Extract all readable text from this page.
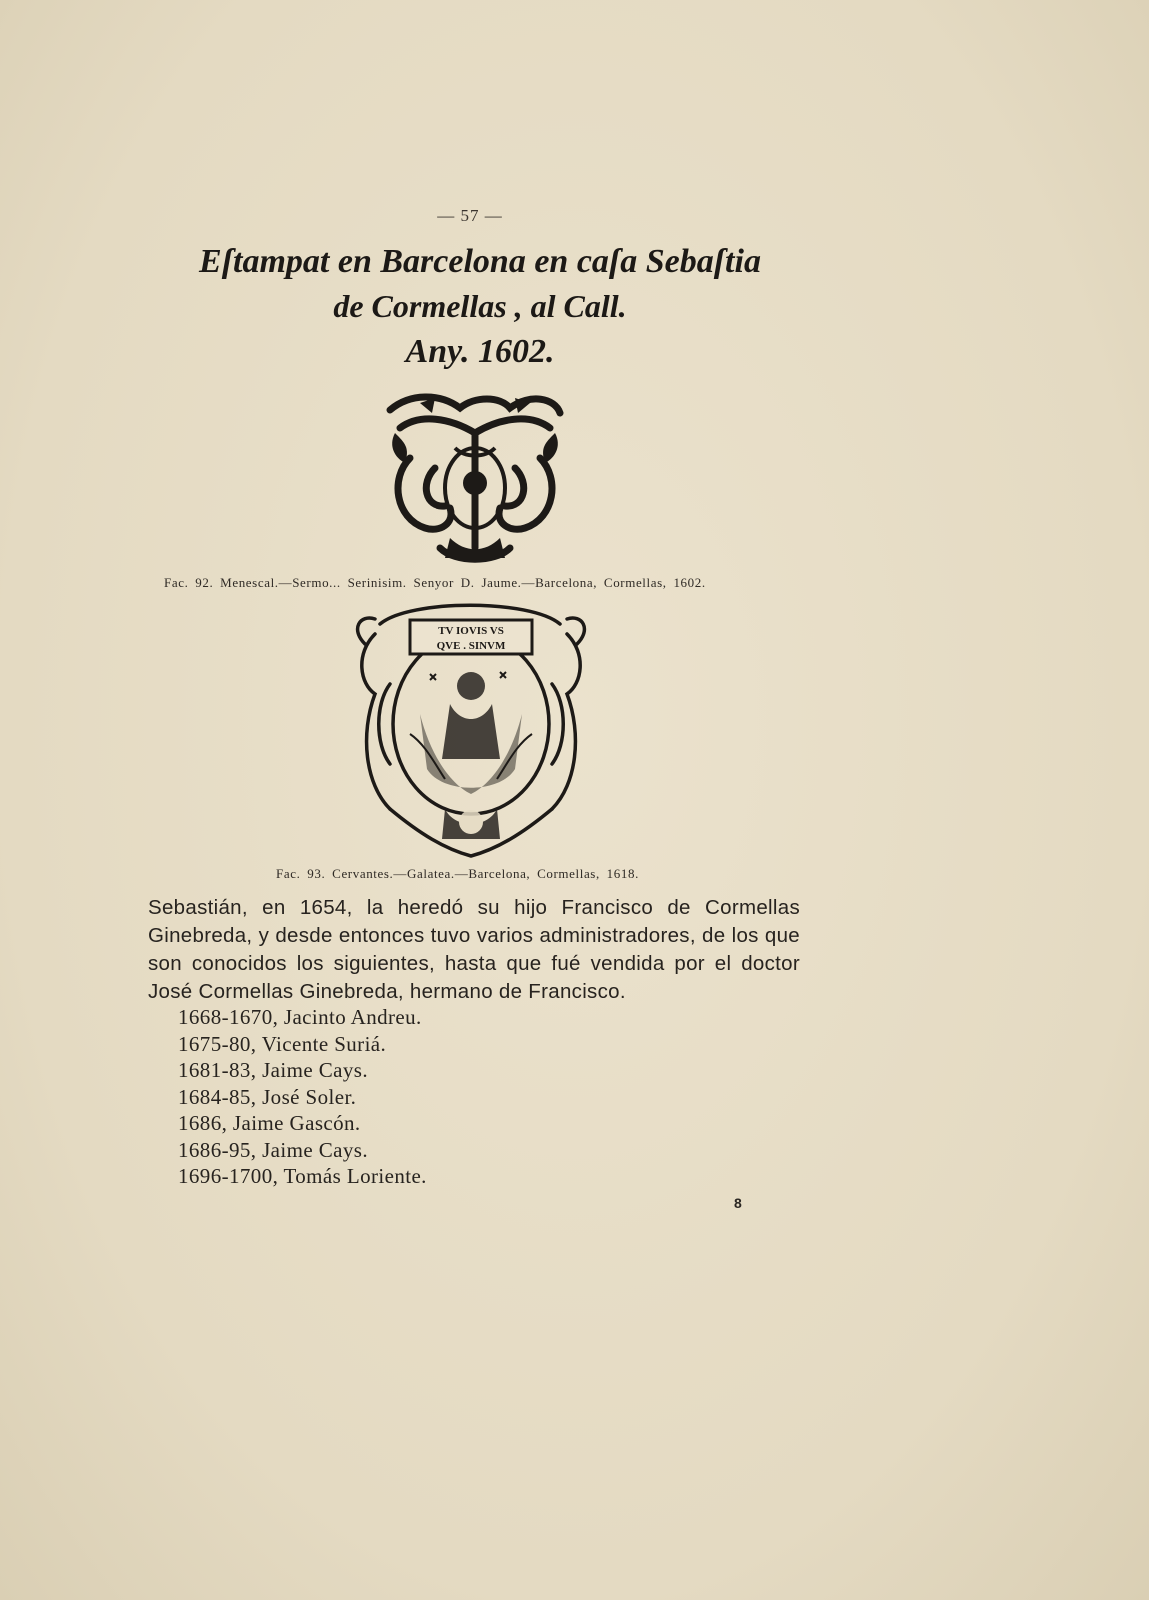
— 57 —
Eſtampat en Barcelona en caſa Sebaſtia
de Cormellas , al Call.
Any. 1602.
Fac. 92. Menescal.—Sermo... Serinisim. Senyor D. Jaume.—Barcelona, Cormellas, 1602.
TV IOVIS VS
QVE . SINVM
Fac. 93. Cervantes.—Galatea.—Barcelona, Cormellas, 1618.
Sebastián, en 1654, la heredó su hijo Francisco de Cormellas Ginebreda, y desde entonces tuvo varios administradores, de los que son conocidos los siguientes, hasta que fué vendida por el doctor José Cormellas Ginebreda, hermano de Francisco.
1668-1670, Jacinto Andreu.
1675-80, Vicente Suriá.
1681-83, Jaime Cays.
1684-85, José Soler.
1686, Jaime Gascón.
1686-95, Jaime Cays.
1696-1700, Tomás Loriente.
8
